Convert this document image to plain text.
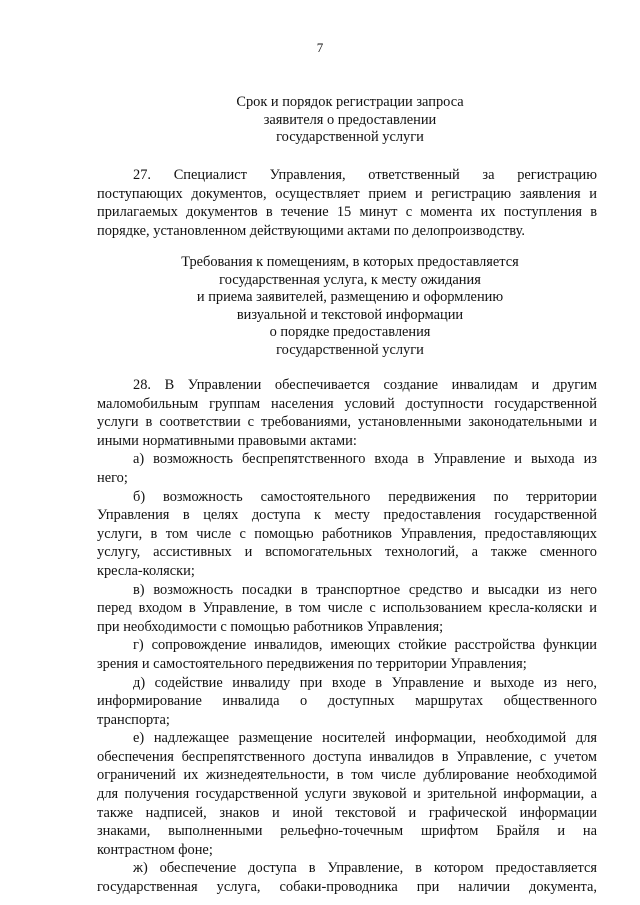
7
Срок и порядок регистрации запроса
заявителя о предоставлении
государственной услуги
27. Специалист Управления, ответственный за регистрацию
поступающих документов, осуществляет прием и регистрацию заявления и
прилагаемых документов в течение 15 минут с момента их поступления в
порядке, установленном действующими актами по делопроизводству.
Требования к помещениям, в которых предоставляется
государственная услуга, к месту ожидания
и приема заявителей, размещению и оформлению
визуальной и текстовой информации
о порядке предоставления
государственной услуги
28. В Управлении обеспечивается создание инвалидам и другим
маломобильным группам населения условий доступности государственной
услуги в соответствии с требованиями, установленными законодательными и
иными нормативными правовыми актами:
а) возможность беспрепятственного входа в Управление и выхода из
него;
б) возможность самостоятельного передвижения по территории
Управления в целях доступа к месту предоставления государственной
услуги, в том числе с помощью работников Управления, предоставляющих
услугу, ассистивных и вспомогательных технологий, а также сменного
кресла-коляски;
в) возможность посадки в транспортное средство и высадки из него
перед входом в Управление, в том числе с использованием кресла-коляски и
при необходимости с помощью работников Управления;
г) сопровождение инвалидов, имеющих стойкие расстройства функции
зрения и самостоятельного передвижения по территории Управления;
д) содействие инвалиду при входе в Управление и выходе из него,
информирование инвалида о доступных маршрутах общественного
транспорта;
е) надлежащее размещение носителей информации, необходимой для
обеспечения беспрепятственного доступа инвалидов в Управление, с учетом
ограничений их жизнедеятельности, в том числе дублирование необходимой
для получения государственной услуги звуковой и зрительной информации, а
также надписей, знаков и иной текстовой и графической информации
знаками, выполненными рельефно-точечным шрифтом Брайля и на
контрастном фоне;
ж) обеспечение доступа в Управление, в котором предоставляется
государственная услуга, собаки-проводника при наличии документа,
